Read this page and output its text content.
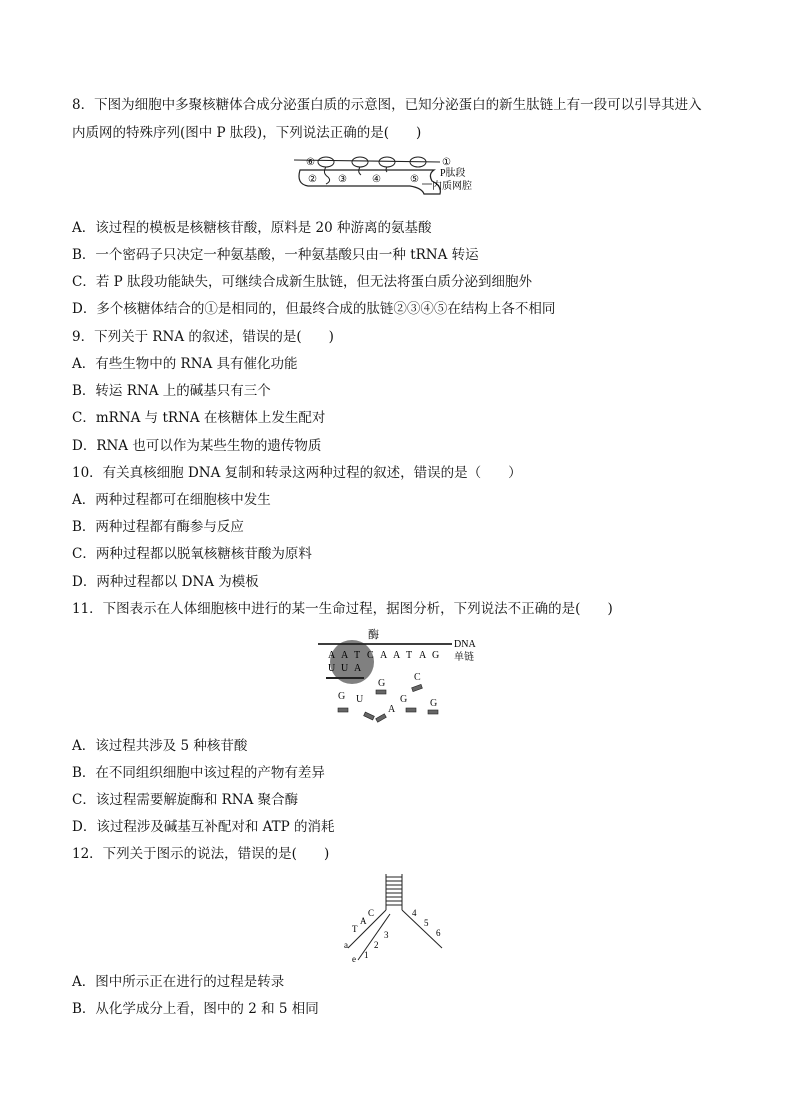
8．下图为细胞中多聚核糖体合成分泌蛋白质的示意图，已知分泌蛋白的新生肽链上有一段可以引导其进入
内质网的特殊序列(图中 P 肽段)，下列说法正确的是(　　)
⑥
② ③	④	⑤
①
P肽段
内质网腔
A．该过程的模板是核糖核苷酸，原料是 20 种游离的氨基酸
B．一个密码子只决定一种氨基酸，一种氨基酸只由一种 tRNA 转运
C．若 P 肽段功能缺失，可继续合成新生肽链，但无法将蛋白质分泌到细胞外
D．多个核糖体结合的①是相同的，但最终合成的肽链②③④⑤在结构上各不相同
9．下列关于 RNA 的叙述，错误的是(　　)
A．有些生物中的 RNA 具有催化功能
B．转运 RNA 上的碱基只有三个
C．mRNA 与 tRNA 在核糖体上发生配对
D．RNA 也可以作为某些生物的遗传物质
10．有关真核细胞 DNA 复制和转录这两种过程的叙述，错误的是（　　）
A．两种过程都可在细胞核中发生
B．两种过程都有酶参与反应
C．两种过程都以脱氧核糖核苷酸为原料
D．两种过程都以 DNA 为模板
11．下图表示在人体细胞核中进行的某一生命过程，据图分析，下列说法不正确的是(　　)
酶
DNA
单链
A A T C A A T A G
U U A
G U
G
A
C
G G
A．该过程共涉及 5 种核苷酸
B．在不同组织细胞中该过程的产物有差异
C．该过程需要解旋酶和 RNA 聚合酶
D．该过程涉及碱基互补配对和 ATP 的消耗
12．下列关于图示的说法，错误的是(　　)
T
A
C
a
e 1
2
3
4
5
6
A．图中所示正在进行的过程是转录
B．从化学成分上看，图中的 2 和 5 相同
